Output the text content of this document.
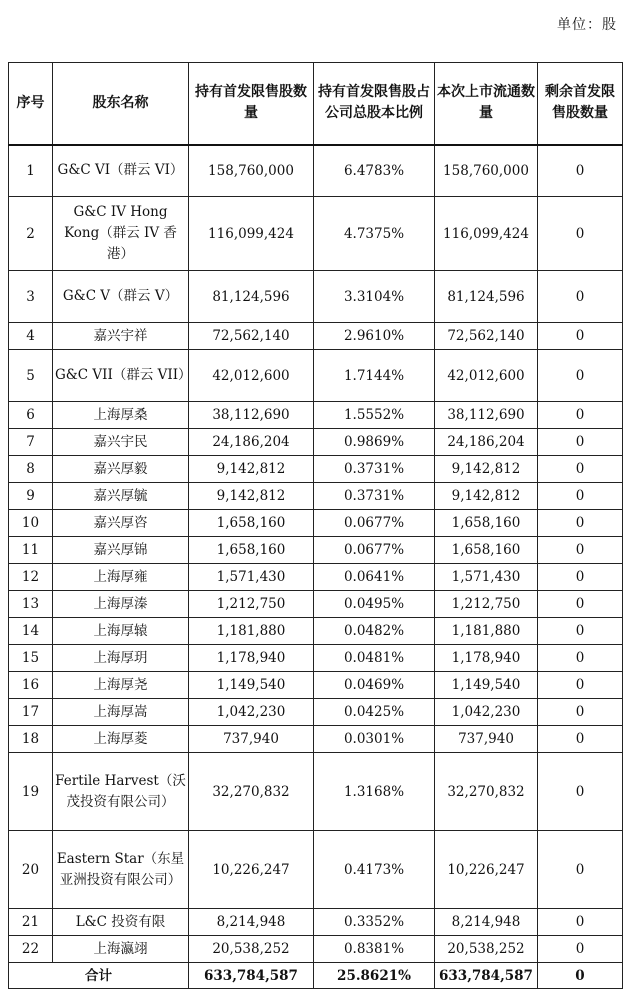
单位：股
序号	股东名称	持有首发限售股数量	持有首发限售股占公司总股本比例	本次上市流通数量	剩余首发限售股数量
1	G&C VI（群云 VI）	158,760,000	6.4783%	158,760,000	0
2	G&C IV Hong Kong（群云 IV 香港）	116,099,424	4.7375%	116,099,424	0
3	G&C V（群云 V）	81,124,596	3.3104%	81,124,596	0
4	嘉兴宇祥	72,562,140	2.9610%	72,562,140	0
5	G&C VII（群云 VII）	42,012,600	1.7144%	42,012,600	0
6	上海厚桑	38,112,690	1.5552%	38,112,690	0
7	嘉兴宇民	24,186,204	0.9869%	24,186,204	0
8	嘉兴厚毅	9,142,812	0.3731%	9,142,812	0
9	嘉兴厚毓	9,142,812	0.3731%	9,142,812	0
10	嘉兴厚咨	1,658,160	0.0677%	1,658,160	0
11	嘉兴厚锦	1,658,160	0.0677%	1,658,160	0
12	上海厚雍	1,571,430	0.0641%	1,571,430	0
13	上海厚溱	1,212,750	0.0495%	1,212,750	0
14	上海厚辕	1,181,880	0.0482%	1,181,880	0
15	上海厚玥	1,178,940	0.0481%	1,178,940	0
16	上海厚尧	1,149,540	0.0469%	1,149,540	0
17	上海厚嵩	1,042,230	0.0425%	1,042,230	0
18	上海厚菱	737,940	0.0301%	737,940	0
19	Fertile Harvest（沃茂投资有限公司）	32,270,832	1.3168%	32,270,832	0
20	Eastern Star（东星亚洲投资有限公司）	10,226,247	0.4173%	10,226,247	0
21	L&C 投资有限	8,214,948	0.3352%	8,214,948	0
22	上海瀛翊	20,538,252	0.8381%	20,538,252	0
合计		633,784,587	25.8621%	633,784,587	0
